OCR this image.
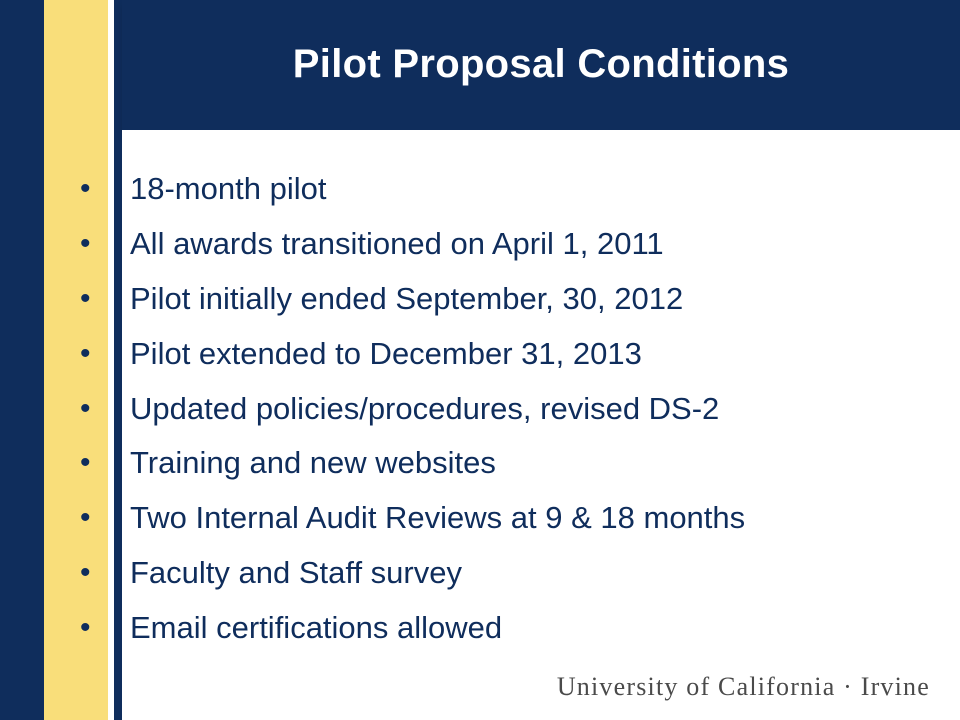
Pilot Proposal Conditions
•	18-month pilot
•	All awards transitioned on April 1, 2011
•	Pilot initially ended September, 30, 2012
•	Pilot extended to December 31, 2013
•	Updated policies/procedures, revised DS-2
•	Training and new websites
•	Two Internal Audit Reviews at 9 & 18 months
•	Faculty and Staff survey
•	Email certifications allowed
University of California · Irvine
